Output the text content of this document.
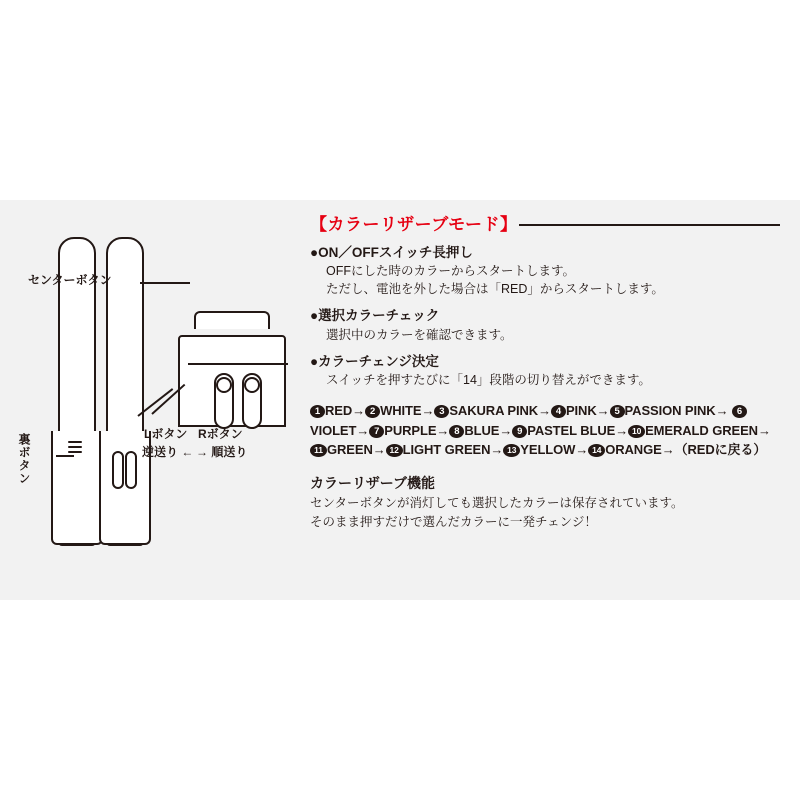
センターボタン
Lボタン Rボタン
逆送り ← → 順送り
裏ボタン
【カラーリザーブモード】
●ON／OFFスイッチ長押し
OFFにした時のカラーからスタートします。
ただし、電池を外した場合は「RED」からスタートします。
●選択カラーチェック
選択中のカラーを確認できます。
●カラーチェンジ決定
スイッチを押すたびに「14」段階の切り替えができます。
1 RED→ 2 WHITE→ 3 SAKURA PINK→ 4 PINK→ 5 PASSION PINK→ 6VIOLET→ 7 PURPLE→ 8 BLUE→ 9 PASTEL BLUE→ 10 EMERALD GREEN→ 11 GREEN→ 12 LIGHT GREEN→ 13 YELLOW→ 14 ORANGE→（REDに戻る）
カラーリザーブ機能
センターボタンが消灯しても選択したカラーは保存されています。
そのまま押すだけで選んだカラーに一発チェンジ！
